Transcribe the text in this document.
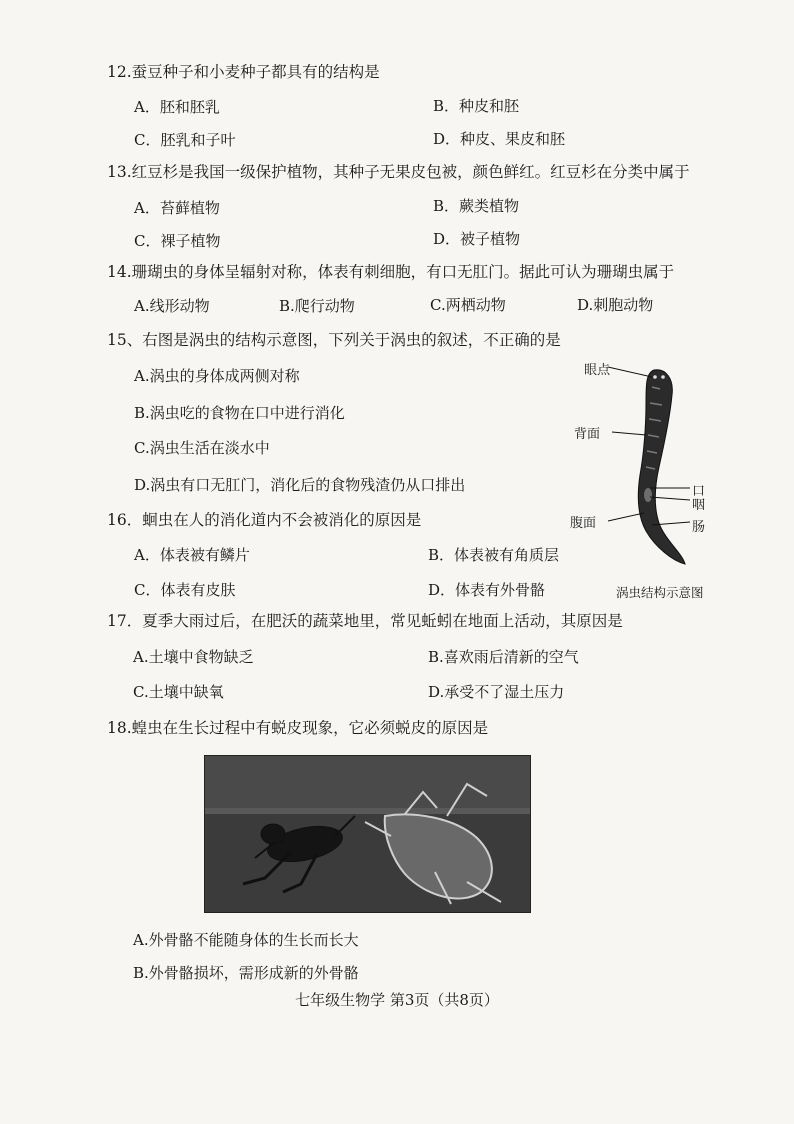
12.蚕豆种子和小麦种子都具有的结构是
A．胚和胚乳	B．种皮和胚
C．胚乳和子叶	D．种皮、果皮和胚
13.红豆杉是我国一级保护植物，其种子无果皮包被，颜色鲜红。红豆杉在分类中属于
A．苔藓植物	B．蕨类植物
C．裸子植物	D．被子植物
14.珊瑚虫的身体呈辐射对称，体表有刺细胞，有口无肛门。据此可认为珊瑚虫属于
A.线形动物	B.爬行动物	C.两栖动物	D.刺胞动物
15、右图是涡虫的结构示意图，下列关于涡虫的叙述，不正确的是
A.涡虫的身体成两侧对称
B.涡虫吃的食物在口中进行消化
C.涡虫生活在淡水中
D.涡虫有口无肛门，消化后的食物残渣仍从口排出
眼点
背面
口
咽
腹面	肠
涡虫结构示意图
16．蛔虫在人的消化道内不会被消化的原因是
A．体表被有鳞片	B．体表被有角质层
C．体表有皮肤	D．体表有外骨骼
17．夏季大雨过后，在肥沃的蔬菜地里，常见蚯蚓在地面上活动，其原因是
A.土壤中食物缺乏	B.喜欢雨后清新的空气
C.土壤中缺氧	D.承受不了湿土压力
18.蝗虫在生长过程中有蜕皮现象，它必须蜕皮的原因是
A.外骨骼不能随身体的生长而长大
B.外骨骼损坏，需形成新的外骨骼
七年级生物学 第3页（共8页）
